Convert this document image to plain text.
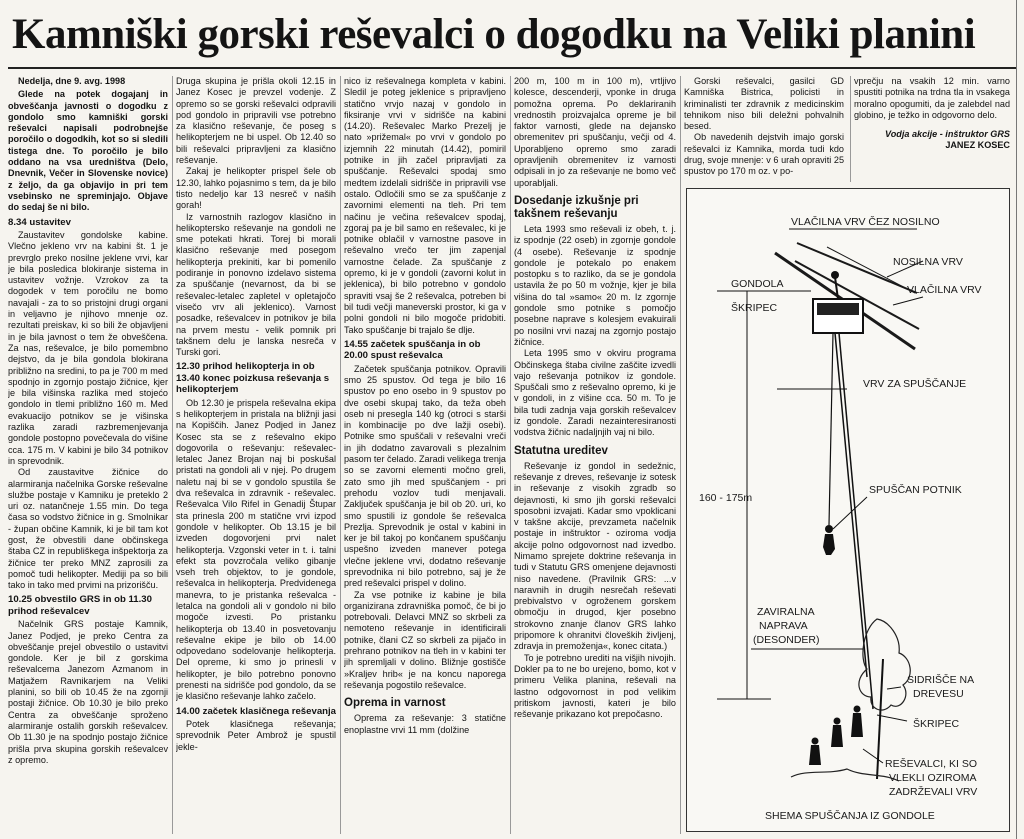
Kamniški gorski reševalci o dogodku na Veliki planini

Nedelja, dne 9. avg. 1998

Glede na potek dogajanj in obveščanja javnosti o dogodku z gondolo smo kamniški gorski reševalci napisali podrobnejše poročilo o dogodkih, kot so si sledili tistega dne. To poročilo je bilo oddano na vsa uredništva (Delo, Dnevnik, Večer in Slovenske novice) z željo, da ga objavijo in pri tem vsebinsko ne spreminjajo. Objave do sedaj še ni bilo.

8.34 ustavitev

Zaustavitev gondolske kabine. Vlečno jekleno vrv na kabini št. 1 je prevrglo preko nosilne jeklene vrvi, kar je bila posledica blokiranje sistema in ustavitev vožnje. Vzrokov za ta dogodek v tem poročilu ne bomo navajali - za to so pristojni drugi organi in veljavno je njihovo mnenje oz. rezultati preiskav, ki so bili že objavljeni in je bila javnost o tem že obveščena. Za nas, reševalce, je bilo pomembno dejstvo, da je bila gondola blokirana približno na sredini, to pa je 700 m med spodnjo in zgornjo postajo žičnice, kjer je bila višinska razlika med stojećo gondolo in tlemi približno 160 m. Med evakuacijo potnikov se je višinska razlika zaradi razbremenjevanja gondole postopno povečevala do višine cca. 175 m. V kabini je bilo 34 potnikov in sprevodnik.

Od zaustavitve žičnice do alarmiranja načelnika Gorske reševalne službe postaje v Kamniku je preteklo 2 uri oz. natančneje 1.55 min. Do tega časa so vodstvo žičnice in g. Smolnikar - župan občine Kamnik, ki je bil tam kot gost, že obvestili dane občinskega štaba CZ in republiškega inšpektorja za žičnice ter preko MNZ zaprosili za pomoč tudi helikopter. Mediji pa so bili tako in tako med prvimi na prizorišču.

10.25 obvestilo GRS in ob 11.30 prihod reševalcev

Načelnik GRS postaje Kamnik, Janez Podjed, je preko Centra za obveščanje prejel obvestilo o ustavitvi gondole. Ker je bil z gorskima reševalcema Janezom Azmanom in Matjažem Ravnikarjem na Veliki planini, so bili ob 10.45 že na zgornji postaji žičnice. Ob 10.30 je bilo preko Centra za obveščanje sproženo alarmiranje ostalih gorskih reševalcev. Ob 11.30 je na spodnjo postajo žičnice prišla prva skupina gorskih reševalcev z opremo.

Druga skupina je prišla okoli 12.15 in Janez Kosec je prevzel vodenje. Z opremo so se gorski reševalci odpravili pod gondolo in pripravili vse potrebno za klasično reševanje, če poseg s helikopterjem ne bi uspel. Ob 12.40 so bili reševalci pripravljeni za klasično reševanje.

Zakaj je helikopter prispel šele ob 12.30, lahko pojasnimo s tem, da je bilo tisto nedeljo kar 13 nesreč v naših gorah!

Iz varnostnih razlogov klasično in helikoptersko reševanje na gondoli ne sme potekati hkrati. Torej bi morali klasično reševanje med posegom helikopterja prekiniti, kar bi pomenilo podiranje in ponovno izdelavo sistema za spuščanje (nevarnost, da bi se reševalec-letalec zapletel v opletajočo visečo vrv ali jeklenico). Varnost posadke, reševalcev in potnikov je bila na prvem mestu - velik pomnik pri takšnem delu je lanska nesreča v Turski gori.

12.30 prihod helikopterja in ob 13.40 konec poizkusa reševanja s helikopterjem

Ob 12.30 je prispela reševalna ekipa s helikopterjem in pristala na bližnji jasi na Kopiščih. Janez Podjed in Janez Kosec sta se z reševalno ekipo dogovorila o reševanju: reševalec-letalec Janez Brojan naj bi poskušal pristati na gondoli ali v njej. Po drugem naletu naj bi se v gondolo spustila še dva reševalca in zdravnik - reševalec. Reševalca Vilo Rifel in Genadij Štupar sta prinesla 200 m statične vrvi izpod gondole v helikopter. Ob 13.15 je bil izveden dogovorjeni prvi nalet helikopterja. Vzgonski veter in t. i. talni efekt sta povzročala veliko gibanje vseh treh objektov, to je gondole, reševalca in helikopterja. Predvidenega manevra, to je pristanka reševalca - letalca na gondoli ali v gondolo ni bilo mogoče izvesti. Po pristanku helikopterja ob 13.40 in posvetovanju reševalne ekipe je bilo ob 14.00 odpovedano sodelovanje helikopterja. Del opreme, ki smo jo prinesli v helikopter, je bilo potrebno ponovno prenesti na sidrišče pod gondolo, da se je klasično reševanje lahko začelo.

14.00 začetek klasičnega reševanja

Potek klasičnega reševanja; sprevodnik Peter Ambrož je spustil jekle-

nico iz reševalnega kompleta v kabini. Sledil je poteg jeklenice s pripravljeno statično vrvjo nazaj v gondolo in fiksiranje vrvi v sidrišče na kabini (14.20). Reševalec Marko Prezelj je nato »prižemal« po vrvi v gondolo po izjemnih 22 minutah (14.42), pomiril potnike in jih začel pripravljati za spuščanje. Reševalci spodaj smo medtem izdelali sidrišče in pripravili vse ostalo. Odločili smo se za spuščanje z zavornimi elementi na tleh. Pri tem načinu je večina reševalcev spodaj, zgoraj pa je bil samo en reševalec, ki je potnike oblačil v varnostne pasove in reševalno vrečo ter jim zapenjal varnostne čelade. Za spuščanje z opremo, ki je v gondoli (zavorni kolut in jeklenica), bi bilo potrebno v gondolo spraviti vsaj še 2 reševalca, potreben bi bil tudi večji maneverski prostor, ki ga v polni gondoli ni bilo mogoče pridobiti. Tako spuščanje bi trajalo še dlje.

14.55 začetek spuščanja in ob 20.00 spust reševalca

Začetek spuščanja potnikov. Opravili smo 25 spustov. Od tega je bilo 16 spustov po eno osebo in 9 spustov po dve osebi skupaj tako, da teža obeh oseb ni presegla 140 kg (otroci s starši in kombinacije po dve lažji osebi). Potnike smo spuščali v reševalni vreči in jih dodatno zavarovali s plezalnim pasom ter čelado. Zaradi velikega trenja so se zavorni elementi močno greli, zato smo jih med spuščanjem - pri prehodu vozlov tudi menjavali. Zaključek spuščanja je bil ob 20. uri, ko smo spustili iz gondole še reševalca Prezlja. Sprevodnik je ostal v kabini in ker je bil takoj po končanem spuščanju uspešno izveden manever potega vlečne jeklene vrvi, dodatno reševanje sprevodnika ni bilo potrebno, saj je že pred reševalci prispel v dolino.

Za vse potnike iz kabine je bila organizirana zdravniška pomoč, če bi jo potrebovali. Delavci MNZ so skrbeli za nemoteno reševanje in identificirali potnike, člani CZ so skrbeli za pijačo in prehrano potnikov na tleh in v kabini ter jih spremljali v dolino. Bližnje gostišče »Kraljev hrib« je na koncu naporega reševanja pogostilo reševalce.

Oprema in varnost

Oprema za reševanje: 3 statične enoplastne vrvi 11 mm (dolžine

200 m, 100 m in 100 m), vrtljivo kolesce, descenderji, vponke in druga pomožna oprema. Po deklariranih vrednostih proizvajalca opreme je bil faktor varnosti, glede na dejansko obremenitev pri spuščanju, večji od 4. Uporabljeno opremo smo zaradi opravljenih obremenitev iz varnosti odpisali in jo za reševanje ne bomo več uporabljali.

Dosedanje izkušnje pri takšnem reševanju

Leta 1993 smo reševali iz obeh, t. j. iz spodnje (22 oseb) in zgornje gondole (4 osebe). Reševanje iz spodnje gondole je potekalo po enakem postopku s to razliko, da se je gondola ustavila že po 50 m vožnje, kjer je bila višina do tal »samo« 20 m. Iz zgornje gondole smo potnike s pomočjo posebne naprave s kolesjem evakuirali po nosilni vrvi nazaj na zgornjo postajo žičnice.

Leta 1995 smo v okviru programa Občinskega štaba civilne zaščite izvedli vajo reševanja potnikov iz gondole. Spuščali smo z reševalno opremo, ki je v gondoli, in z višine cca. 50 m. To je bila tudi zadnja vaja gorskih reševalcev iz gondole. Zaradi nezainteresiranosti vodstva žičnic nadaljnjih vaj ni bilo.

Statutna ureditev

Reševanje iz gondol in sedežnic, reševanje z dreves, reševanje iz sotesk in reševanje z visokih zgradb so dejavnosti, ki smo jih gorski reševalci sposobni izvajati. Kadar smo vpoklicani v takšne akcije, prevzameta načelnik postaje in inštruktor - oziroma vodja akcije polno odgovornost nad izvedbo. Nimamo sprejete doktrine reševanja in tudi v Statutu GRS omenjene dejavnosti niso navedene. (Pravilnik GRS: ...v naravnih in drugih nesrečah reševati prebivalstvo v ogroženem gorskem območju in drugod, kjer posebno strokovno znanje članov GRS lahko pripomore k ohranitvi človeških življenj, zdravja in premoženja«, konec citata.)

To je potrebno urediti na višjih nivojih. Dokler pa to ne bo urejeno, bomo, kot v primeru Velika planina, reševali na lastno odgovornost in pod velikim pritiskom javnosti, kateri je bilo reševanje prikazano kot prepočasno.

Gorski reševalci, gasilci GD Kamniška Bistrica, policisti in kriminalisti ter zdravnik z medicinskim tehnikom niso bili deležni pohvalnih besed.

Ob navedenih dejstvih imajo gorski reševalci iz Kamnika, morda tudi kdo drug, svoje mnenje: v 6 urah opraviti 25 spustov po 170 m oz. v po-

vprečju na vsakih 12 min. varno spustiti potnika na trdna tla in vsakega moralno opogumiti, da je zalebdel nad globino, je težko in odgovorno delo.

Vodja akcije - inštruktor GRS

JANEZ KOSEC

VLAČILNA VRV ČEZ NOSILNO
NOSILNA VRV
GONDOLA	VLAČILNA VRV
ŠKRIPEC
VRV ZA SPUŠČANJE
160 - 175m
SPUŠČAN POTNIK
ZAVIRALNA
NAPRAVA
(DESONDER)
SIDRIŠČE NA
DREVESU
ŠKRIPEC
REŠEVALCI, KI SO
VLEKLI OZIROMA
ZADRŽEVALI VRV
SHEMA SPUŠČANJA IZ GONDOLE
